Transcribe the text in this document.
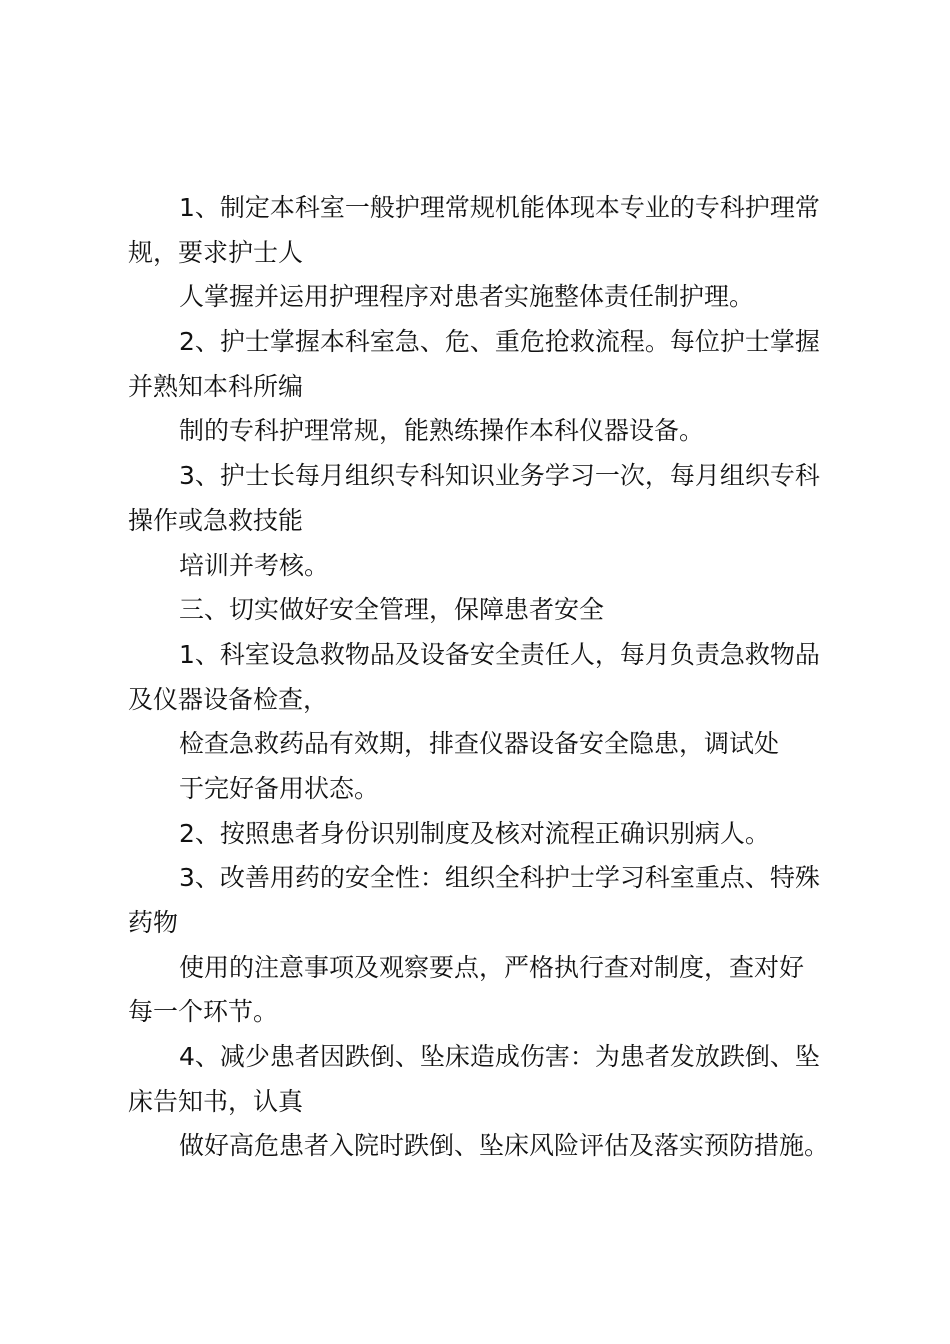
1、制定本科室一般护理常规机能体现本专业的专科护理常
规，要求护士人
人掌握并运用护理程序对患者实施整体责任制护理。
2、护士掌握本科室急、危、重危抢救流程。每位护士掌握
并熟知本科所编
制的专科护理常规，能熟练操作本科仪器设备。
3、护士长每月组织专科知识业务学习一次，每月组织专科
操作或急救技能
培训并考核。
三、切实做好安全管理，保障患者安全
1、科室设急救物品及设备安全责任人，每月负责急救物品
及仪器设备检查，
检查急救药品有效期，排查仪器设备安全隐患，调试处
于完好备用状态。
2、按照患者身份识别制度及核对流程正确识别病人。
3、改善用药的安全性：组织全科护士学习科室重点、特殊
药物
使用的注意事项及观察要点，严格执行查对制度，查对好
每一个环节。
4、减少患者因跌倒、坠床造成伤害：为患者发放跌倒、坠
床告知书，认真
做好高危患者入院时跌倒、坠床风险评估及落实预防措施。
